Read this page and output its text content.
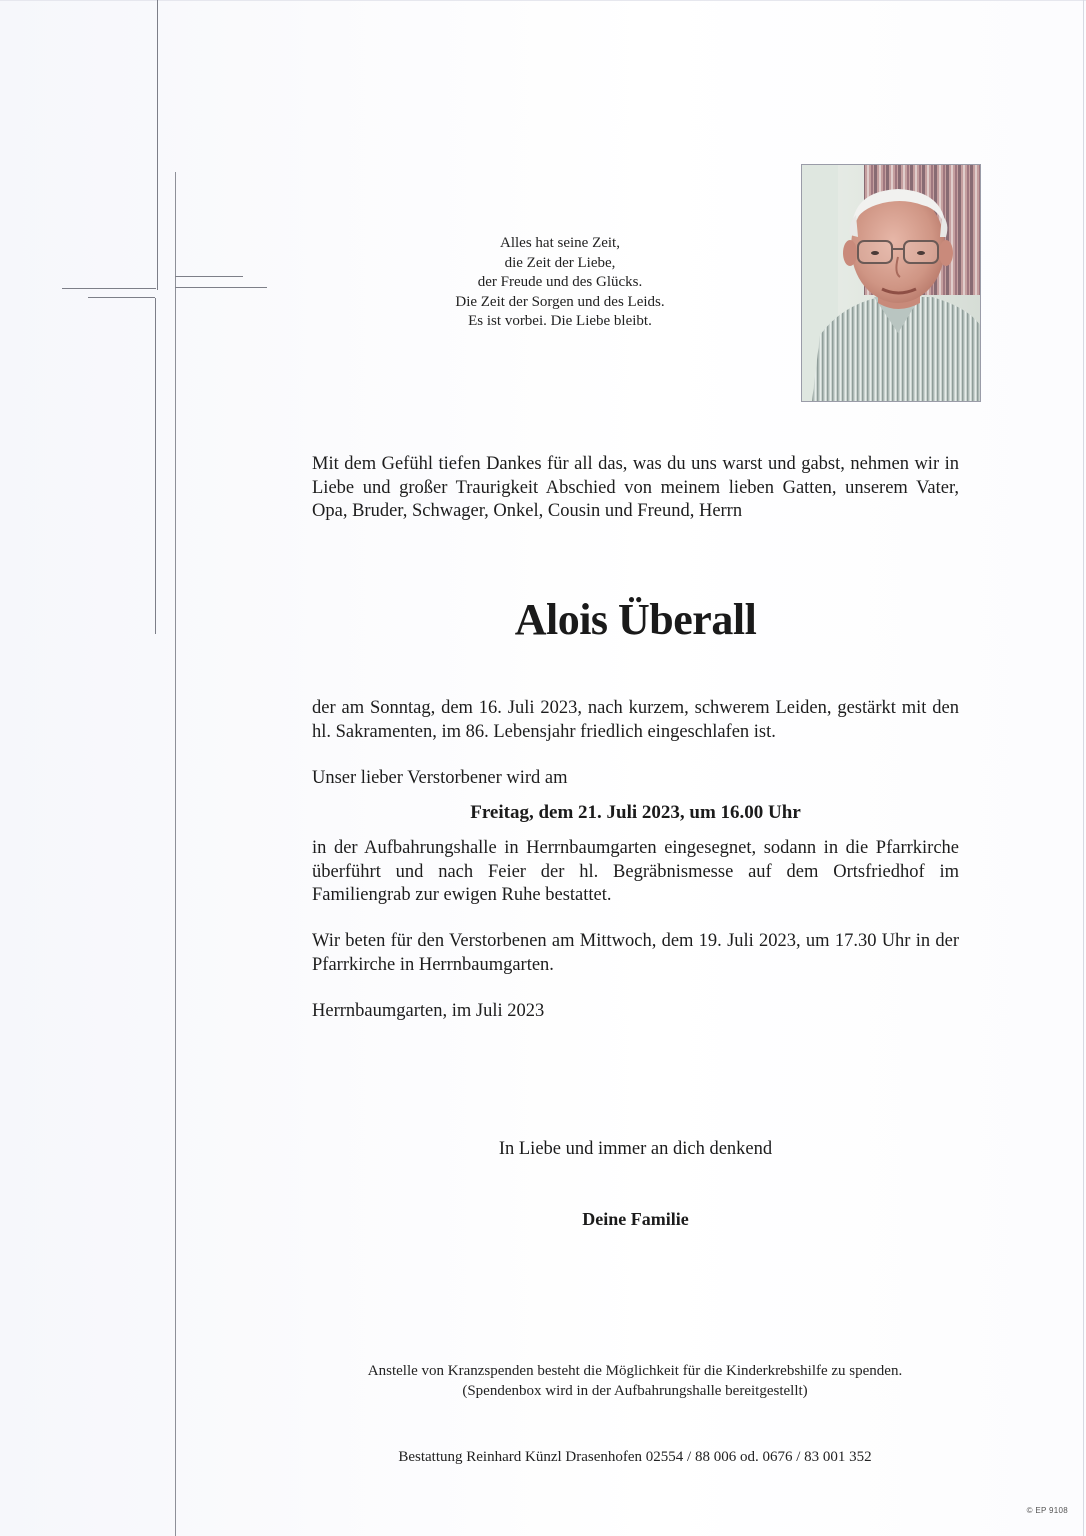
Alles hat seine Zeit,
die Zeit der Liebe,
der Freude und des Glücks.
Die Zeit der Sorgen und des Leids.
Es ist vorbei. Die Liebe bleibt.
Mit dem Gefühl tiefen Dankes für all das, was du uns warst und gabst, nehmen wir in Liebe und großer Traurigkeit Abschied von meinem lieben Gatten, unserem Vater, Opa, Bruder, Schwager, Onkel, Cousin und Freund, Herrn
Alois Überall
der am Sonntag, dem 16. Juli 2023, nach kurzem, schwerem Leiden, gestärkt mit den hl. Sakramenten, im 86. Lebensjahr friedlich eingeschlafen ist.
Unser lieber Verstorbener wird am
Freitag, dem 21. Juli 2023, um 16.00 Uhr
in der Aufbahrungshalle in Herrnbaumgarten eingesegnet, sodann in die Pfarrkirche überführt und nach Feier der hl. Begräbnismesse auf dem Ortsfriedhof im Familiengrab zur ewigen Ruhe bestattet.
Wir beten für den Verstorbenen am Mittwoch, dem 19. Juli 2023, um 17.30 Uhr in der Pfarrkirche in Herrnbaumgarten.
Herrnbaumgarten, im Juli 2023
In Liebe und immer an dich denkend
Deine Familie
Anstelle von Kranzspenden besteht die Möglichkeit für die Kinderkrebshilfe zu spenden.
(Spendenbox wird in der Aufbahrungshalle bereitgestellt)
Bestattung Reinhard Künzl Drasenhofen 02554 / 88 006 od. 0676 / 83 001 352
© EP 9108
